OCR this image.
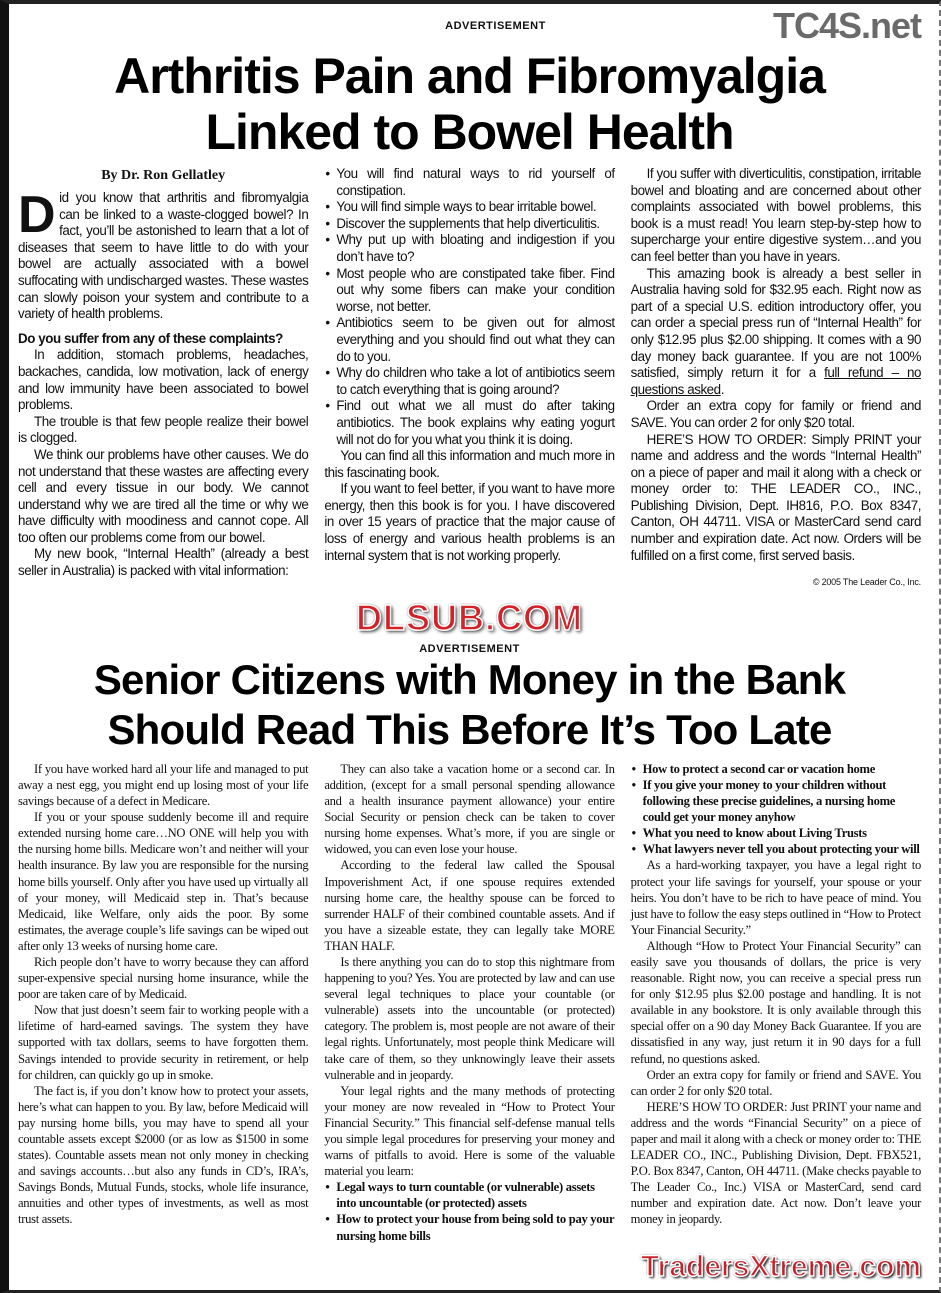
ADVERTISEMENT	TC4S.net
Arthritis Pain and Fibromyalgia
Linked to Bowel Health

By Dr. Ron Gellatley

Did you know that arthritis and fibromyalgia can be linked to a waste-clogged bowel? In fact, you’ll be astonished to learn that a lot of diseases that seem to have little to do with your bowel are actually associated with a bowel suffocating with undischarged wastes. These wastes can slowly poison your system and contribute to a variety of health problems.

Do you suffer from any of these complaints?

In addition, stomach problems, headaches, backaches, candida, low motivation, lack of energy and low immunity have been associated to bowel problems.

The trouble is that few people realize their bowel is clogged.

We think our problems have other causes. We do not understand that these wastes are affecting every cell and every tissue in our body. We cannot understand why we are tired all the time or why we have difficulty with moodiness and cannot cope. All too often our problems come from our bowel.

My new book, “Internal Health” (already a best seller in Australia) is packed with vital information:

• You will find natural ways to rid yourself of constipation.

• You will find simple ways to bear irritable bowel.

• Discover the supplements that help diverticulitis.

• Why put up with bloating and indigestion if you don’t have to?

• Most people who are constipated take fiber. Find out why some fibers can make your condition worse, not better.

• Antibiotics seem to be given out for almost everything and you should find out what they can do to you.

• Why do children who take a lot of antibiotics seem to catch everything that is going around?

• Find out what we all must do after taking antibiotics. The book explains why eating yogurt will not do for you what you think it is doing.

You can find all this information and much more in this fascinating book.

If you want to feel better, if you want to have more energy, then this book is for you. I have discovered in over 15 years of practice that the major cause of loss of energy and various health problems is an internal system that is not working properly.

If you suffer with diverticulitis, constipation, irritable bowel and bloating and are concerned about other complaints associated with bowel problems, this book is a must read! You learn step-by-step how to supercharge your entire digestive system…and you can feel better than you have in years.

This amazing book is already a best seller in Australia having sold for $32.95 each. Right now as part of a special U.S. edition introductory offer, you can order a special press run of “Internal Health” for only $12.95 plus $2.00 shipping. It comes with a 90 day money back guarantee. If you are not 100% satisfied, simply return it for a full refund – no questions asked.

Order an extra copy for family or friend and SAVE. You can order 2 for only $20 total.

HERE’S HOW TO ORDER: Simply PRINT your name and address and the words “Internal Health” on a piece of paper and mail it along with a check or money order to: THE LEADER CO., INC., Publishing Division, Dept. IH816, P.O. Box 8347, Canton, OH 44711. VISA or MasterCard send card number and expiration date. Act now. Orders will be fulfilled on a first come, first served basis.

© 2005 The Leader Co., Inc.

DLSUB.COM
ADVERTISEMENT
Senior Citizens with Money in the Bank
Should Read This Before It’s Too Late

If you have worked hard all your life and managed to put away a nest egg, you might end up losing most of your life savings because of a defect in Medicare.

If you or your spouse suddenly become ill and require extended nursing home care…NO ONE will help you with the nursing home bills. Medicare won’t and neither will your health insurance. By law you are responsible for the nursing home bills yourself. Only after you have used up virtually all of your money, will Medicaid step in. That’s because Medicaid, like Welfare, only aids the poor. By some estimates, the average couple’s life savings can be wiped out after only 13 weeks of nursing home care.

Rich people don’t have to worry because they can afford super-expensive special nursing home insurance, while the poor are taken care of by Medicaid.

Now that just doesn’t seem fair to working people with a lifetime of hard-earned savings. The system they have supported with tax dollars, seems to have forgotten them. Savings intended to provide security in retirement, or help for children, can quickly go up in smoke.

The fact is, if you don’t know how to protect your assets, here’s what can happen to you. By law, before Medicaid will pay nursing home bills, you may have to spend all your countable assets except $2000 (or as low as $1500 in some states). Countable assets mean not only money in checking and savings accounts…but also any funds in CD’s, IRA’s, Savings Bonds, Mutual Funds, stocks, whole life insurance, annuities and other types of investments, as well as most trust assets.

They can also take a vacation home or a second car. In addition, (except for a small personal spending allowance and a health insurance payment allowance) your entire Social Security or pension check can be taken to cover nursing home expenses. What’s more, if you are single or widowed, you can even lose your house.

According to the federal law called the Spousal Impoverishment Act, if one spouse requires extended nursing home care, the healthy spouse can be forced to surrender HALF of their combined countable assets. And if you have a sizeable estate, they can legally take MORE THAN HALF.

Is there anything you can do to stop this nightmare from happening to you? Yes. You are protected by law and can use several legal techniques to place your countable (or vulnerable) assets into the uncountable (or protected) category. The problem is, most people are not aware of their legal rights. Unfortunately, most people think Medicare will take care of them, so they unknowingly leave their assets vulnerable and in jeopardy.

Your legal rights and the many methods of protecting your money are now revealed in “How to Protect Your Financial Security.” This financial self-defense manual tells you simple legal procedures for preserving your money and warns of pitfalls to avoid. Here is some of the valuable material you learn:

• Legal ways to turn countable (or vulnerable) assets into uncountable (or protected) assets

• How to protect your house from being sold to pay your nursing home bills

• How to protect a second car or vacation home

• If you give your money to your children without following these precise guidelines, a nursing home could get your money anyhow

• What you need to know about Living Trusts

• What lawyers never tell you about protecting your will

As a hard-working taxpayer, you have a legal right to protect your life savings for yourself, your spouse or your heirs. You don’t have to be rich to have peace of mind. You just have to follow the easy steps outlined in “How to Protect Your Financial Security.”

Although “How to Protect Your Financial Security” can easily save you thousands of dollars, the price is very reasonable. Right now, you can receive a special press run for only $12.95 plus $2.00 postage and handling. It is not available in any bookstore. It is only available through this special offer on a 90 day Money Back Guarantee. If you are dissatisfied in any way, just return it in 90 days for a full refund, no questions asked.

Order an extra copy for family or friend and SAVE. You can order 2 for only $20 total.

HERE’S HOW TO ORDER: Just PRINT your name and address and the words “Financial Security” on a piece of paper and mail it along with a check or money order to: THE LEADER CO., INC., Publishing Division, Dept. FBX521, P.O. Box 8347, Canton, OH 44711. (Make checks payable to The Leader Co., Inc.) VISA or MasterCard, send card number and expiration date. Act now. Don’t leave your money in jeopardy.

TradersXtreme.com
